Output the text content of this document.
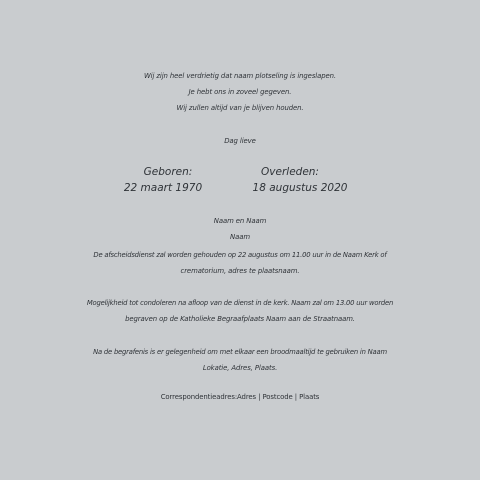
Wij zijn heel verdrietig dat naam plotseling is ingeslapen.
Je hebt ons in zoveel gegeven.
Wij zullen altijd van je blijven houden.
Dag lieve
Geboren:
22 maart 1970
Overleden:
18 augustus 2020
Naam en Naam
Naam
De afscheidsdienst zal worden gehouden op 22 augustus om 11.00 uur in de Naam Kerk of
crematorium, adres te plaatsnaam.
Mogelijkheid tot condoleren na afloop van de dienst in de kerk. Naam zal om 13.00 uur worden
begraven op de Katholieke Begraafplaats Naam aan de Straatnaam.
Na de begrafenis is er gelegenheid om met elkaar een broodmaaltijd te gebruiken in Naam
Lokatie, Adres, Plaats.
Correspondentieadres:Adres | Postcode | Plaats
